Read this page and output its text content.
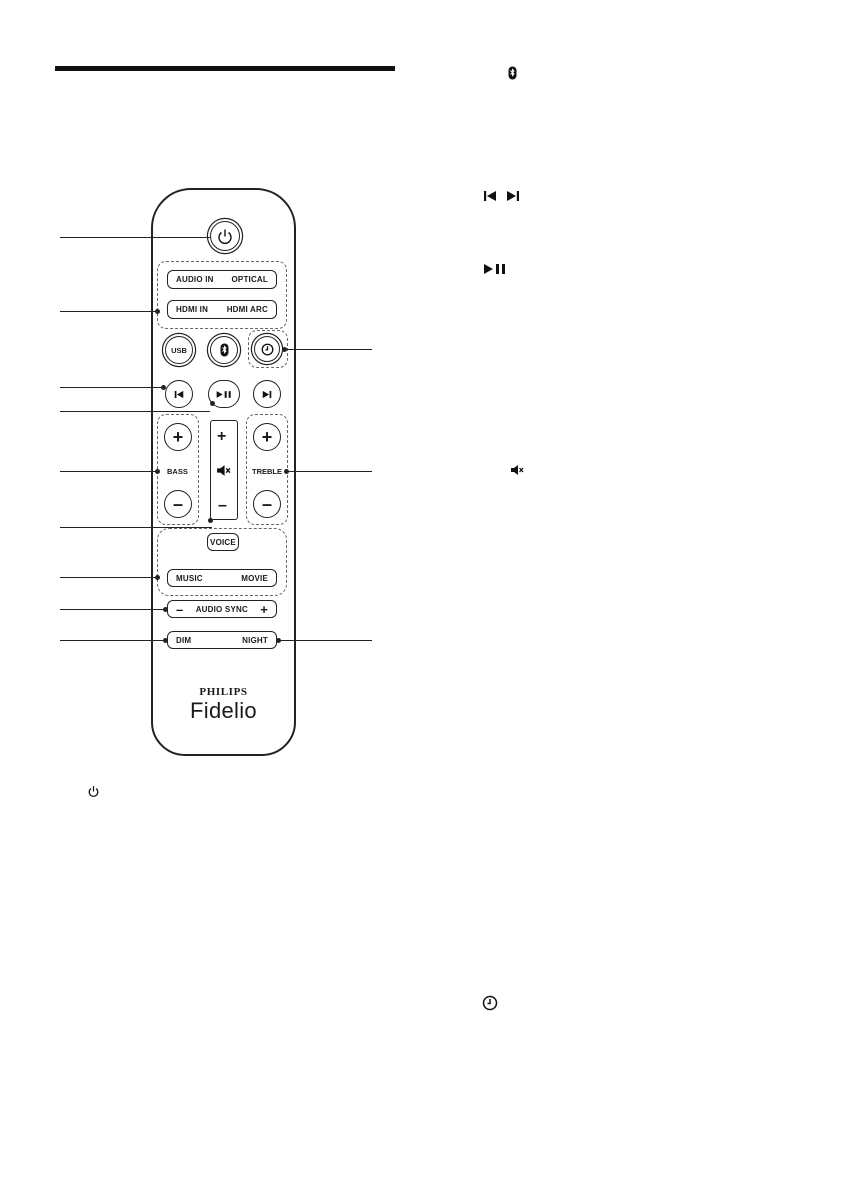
AUDIO IN OPTICAL
HDMI IN HDMI ARC
USB
+
BASS
–
+
–
+
TREBLE
–
VOICE
MUSIC	MOVIE
– AUDIO SYNC +
DIM	NIGHT
PHILIPS
Fidelio
